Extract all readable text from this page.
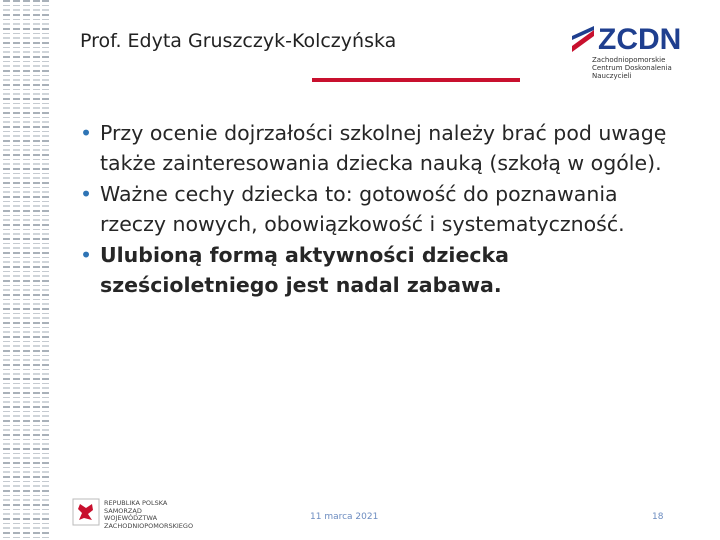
Prof. Edyta Gruszczyk-Kolczyńska	ZCDN
Zachodniopomorskie
Centrum Doskonalenia Nauczycieli
• Przy ocenie dojrzałości szkolnej należy brać pod uwagę także zainteresowania dziecka nauką (szkołą w ogóle).
• Ważne cechy dziecka to: gotowość do poznawania rzeczy nowych, obowiązkowość i systematyczność.
• Ulubioną formą aktywności dziecka sześcioletniego jest nadal zabawa.
REPUBLIKA POLSKA
SAMORZĄD WOJEWÓDZTWA
ZACHODNIOPOMORSKIEGO
11 marca 2021	18
